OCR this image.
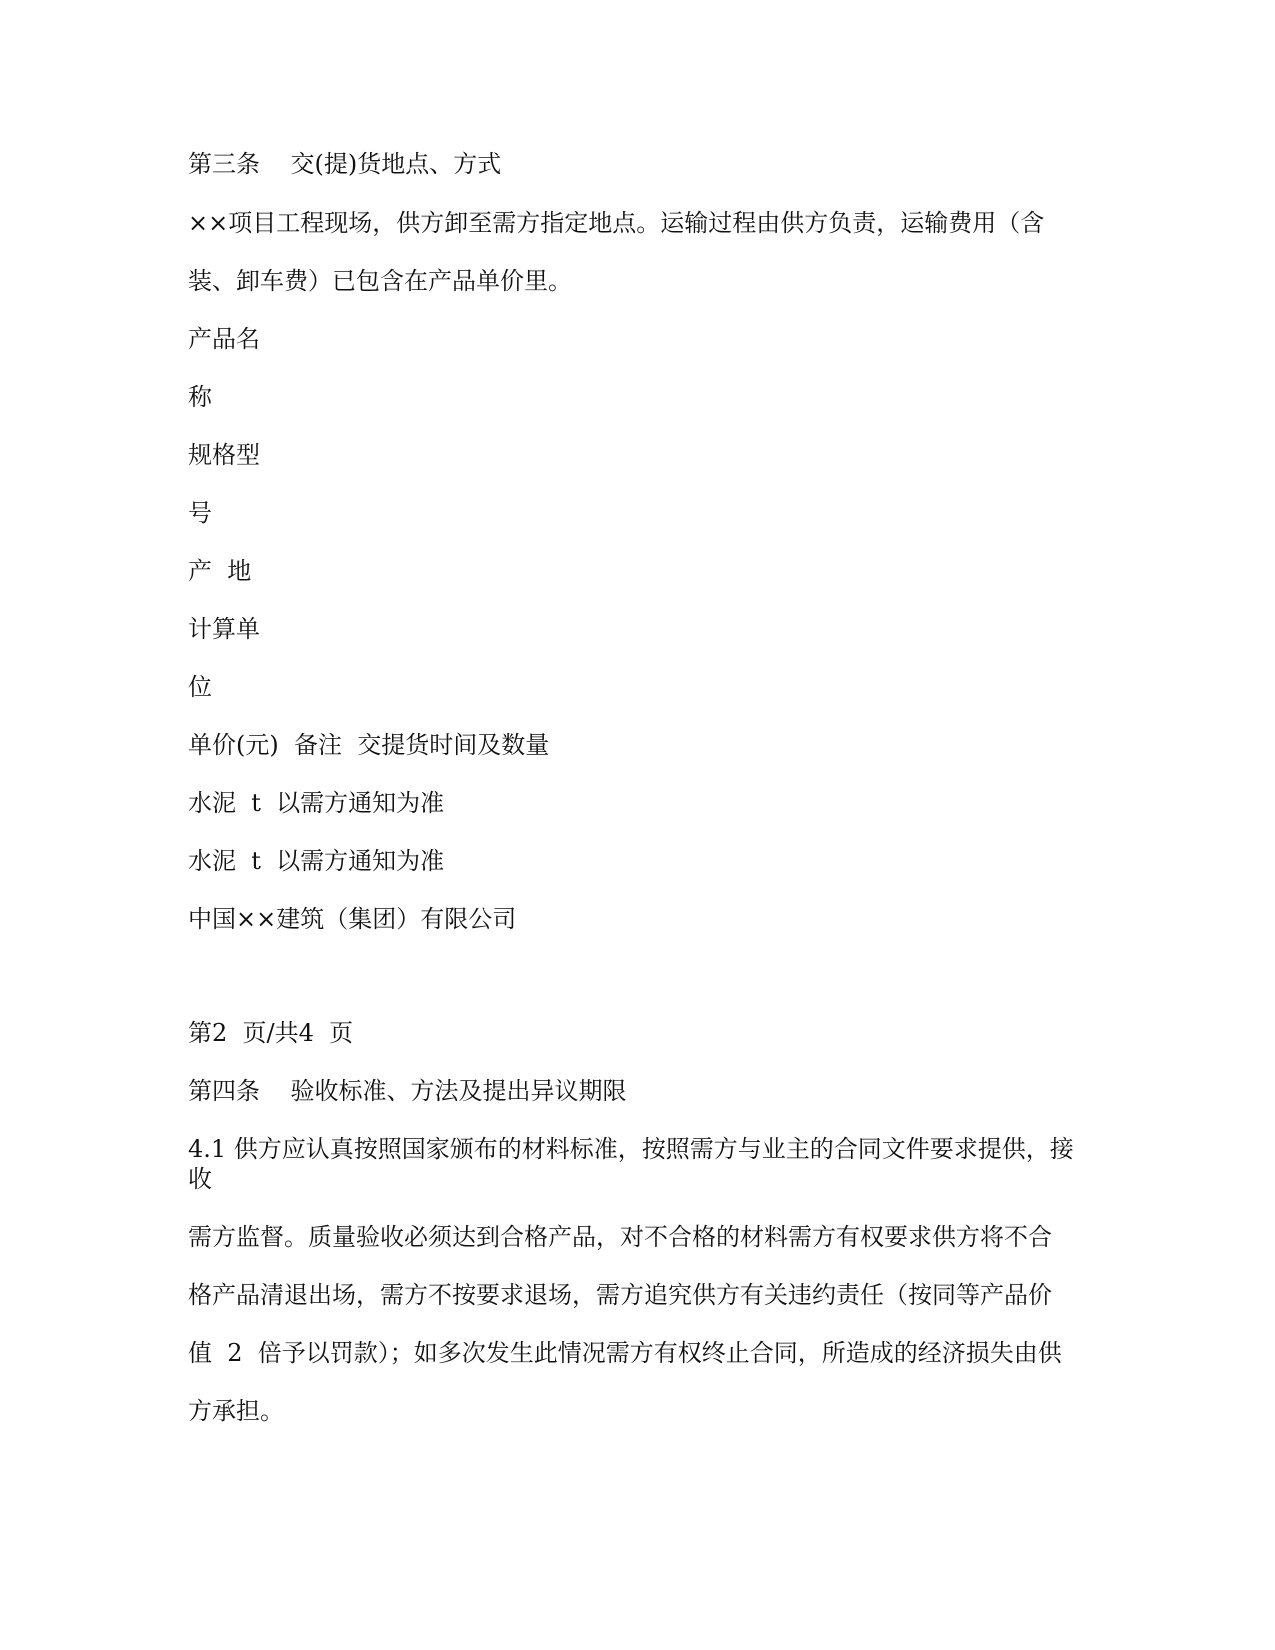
第三条    交(提)货地点、方式
××项目工程现场，供方卸至需方指定地点。运输过程由供方负责，运输费用（含
装、卸车费）已包含在产品单价里。
产品名
称
规格型
号
产  地
计算单
位
单价(元)  备注  交提货时间及数量
水泥  t  以需方通知为准
水泥  t  以需方通知为准
中国××建筑（集团）有限公司
第2  页/共4  页
第四条    验收标准、方法及提出异议期限
4.1 供方应认真按照国家颁布的材料标准，按照需方与业主的合同文件要求提供，接收
需方监督。质量验收必须达到合格产品，对不合格的材料需方有权要求供方将不合
格产品清退出场，需方不按要求退场，需方追究供方有关违约责任（按同等产品价
值  2  倍予以罚款）；如多次发生此情况需方有权终止合同，所造成的经济损失由供
方承担。
